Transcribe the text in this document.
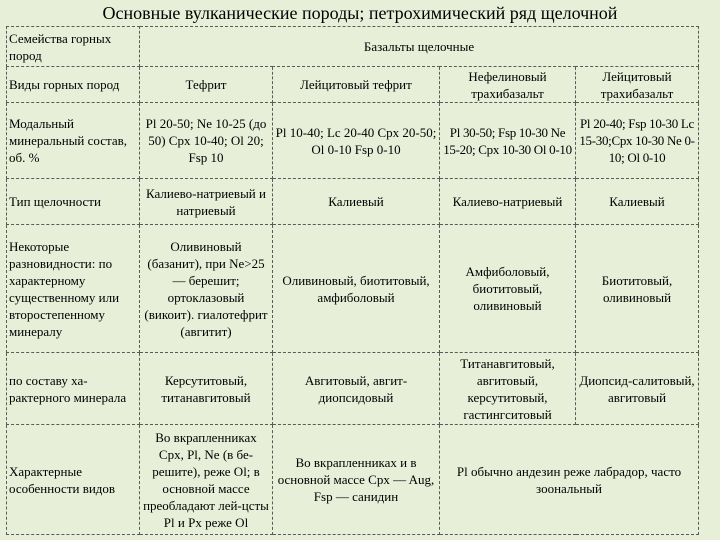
Основные вулканические породы; петрохимический ряд щелочной
Семейства горных пород	Базальты щелочные			
Виды горных пород	Тефрит	Лейцитовый тефрит	Нефелиновый трахибазальт	Лейцитовый трахибазальт
Модальный минеральный состав, об. %	Pl 20-50; Ne 10-25 (до 50) Cpx 10-40; Ol 20; Fsp 10	Pl 10-40; Lc 20-40 Cpx 20-50; Ol 0-10 Fsp 0-10	Pl 30-50; Fsp 10-30 Ne 15-20; Cpx 10-30 Ol 0-10	Pl 20-40; Fsp 10-30 Lc 15-30;Cpx 10-30 Ne 0-10; Ol 0-10
Тип щелочности	Калиево-натриевый и натриевый	Калиевый	Калиево-натриевый	Калиевый
Некоторые разновидности: по характерному существенному или второстепенному минералу	Оливиновый (базанит), при Ne>25 — берешит; ортоклазовый (викоит). гиалотефрит (авгитит)	Оливиновый, биотитовый, амфиболовый	Амфиболовый, биотитовый, оливиновый	Биотитовый, оливиновый
по составу ха-рактерного минерала	Керсутитовый, титанавгитовый	Авгитовый, авгит-диопсидовый	Титанавгитовый, авгитовый, керсутитовый, гастингситовый	Диопсид-салитовый, авгитовый
Характерные особенности видов	Во вкрапленниках Cpx, Pl, Ne (в бе-решите), реже Ol; в основной массе преобладают лей-цсты Pl и Px реже Ol	Во вкрапленниках и в основной массе Cpx — Aug, Fsp — санидин	Pl обычно андезин реже лабрадор, часто зоональный	
